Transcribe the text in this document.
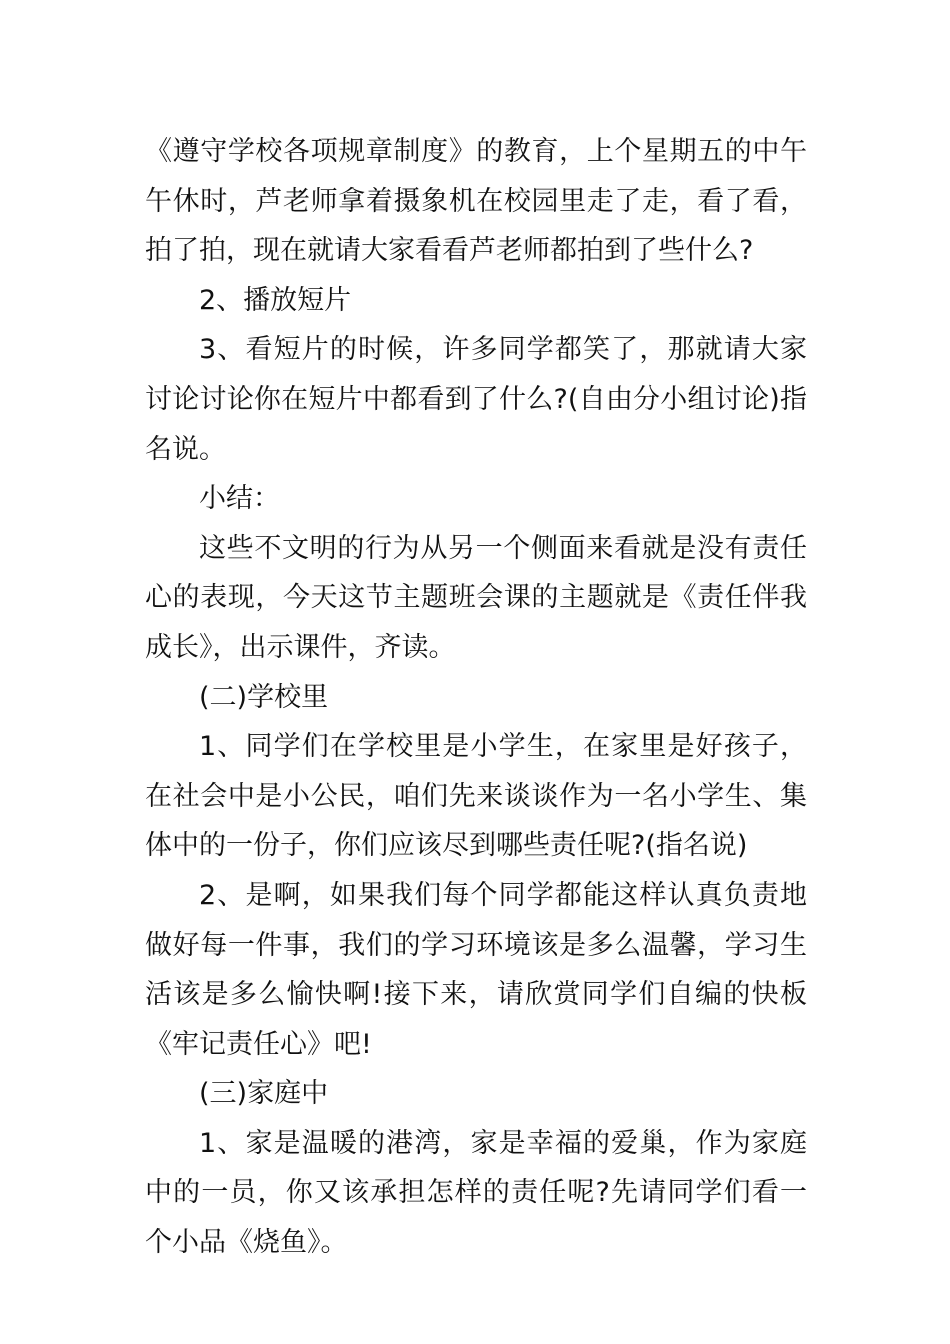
《遵守学校各项规章制度》的教育，上个星期五的中午午休时，芦老师拿着摄象机在校园里走了走，看了看，拍了拍，现在就请大家看看芦老师都拍到了些什么?

2、播放短片

3、看短片的时候，许多同学都笑了，那就请大家讨论讨论你在短片中都看到了什么?(自由分小组讨论)指名说。

小结：

这些不文明的行为从另一个侧面来看就是没有责任心的表现，今天这节主题班会课的主题就是《责任伴我成长》，出示课件，齐读。

(二)学校里

1、同学们在学校里是小学生，在家里是好孩子，在社会中是小公民，咱们先来谈谈作为一名小学生、集体中的一份子，你们应该尽到哪些责任呢?(指名说)

2、是啊，如果我们每个同学都能这样认真负责地做好每一件事，我们的学习环境该是多么温馨，学习生活该是多么愉快啊!接下来，请欣赏同学们自编的快板《牢记责任心》吧!

(三)家庭中

1、家是温暖的港湾，家是幸福的爱巢，作为家庭中的一员，你又该承担怎样的责任呢?先请同学们看一个小品《烧鱼》。
